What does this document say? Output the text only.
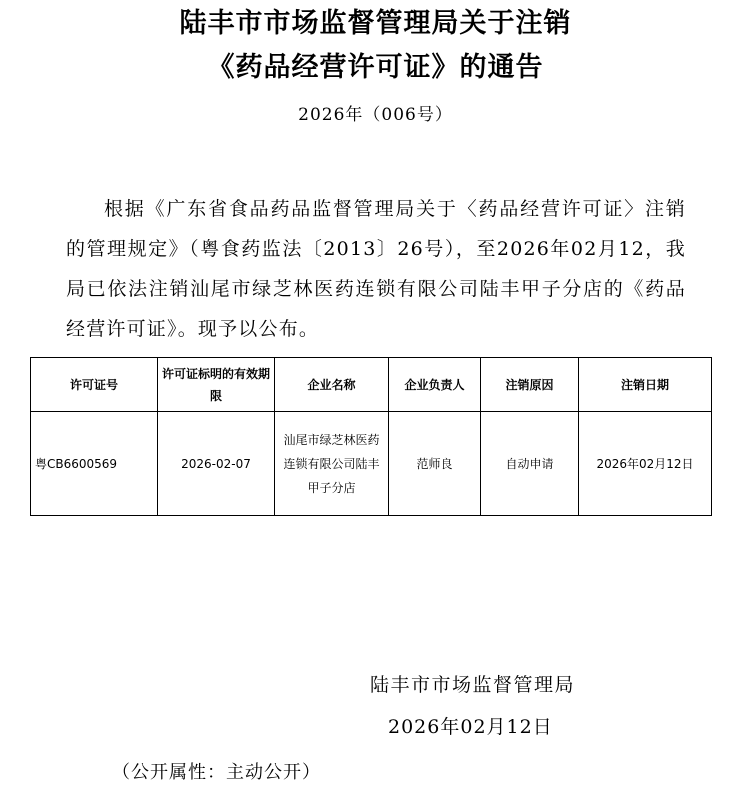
陆丰市市场监督管理局关于注销
《药品经营许可证》的通告
2026年（006号）

根据《广东省食品药品监督管理局关于〈药品经营许可证〉注销的管理规定》（粤食药监法〔2013〕26号），至2026年02月12，我局已依法注销汕尾市绿芝林医药连锁有限公司陆丰甲子分店的《药品经营许可证》。现予以公布。

许可证号	许可证标明的有效期限	企业名称	企业负责人	注销原因	注销日期
粤CB6600569	2026-02-07	汕尾市绿芝林医药连锁有限公司陆丰甲子分店	范师良	自动申请	2026年02月12日
陆丰市市场监督管理局
2026年02月12日
（公开属性：主动公开）
